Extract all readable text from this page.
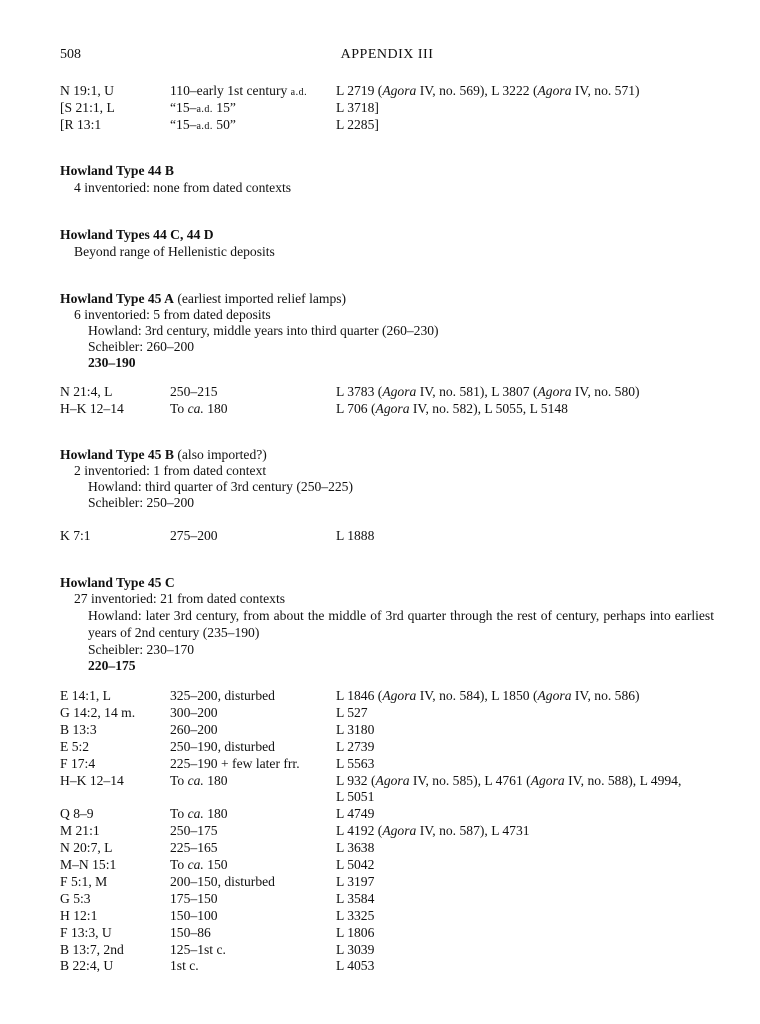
508	APPENDIX III
N 19:1, U	110–early 1st century a.d. L 2719 (Agora IV, no. 569), L 3222 (Agora IV, no. 571)
[S 21:1, L	“15–a.d. 15”	L 3718]
[R 13:1	“15–a.d. 50”	L 2285]
Howland Type 44 B
4 inventoried: none from dated contexts
Howland Types 44 C, 44 D
Beyond range of Hellenistic deposits
Howland Type 45 A (earliest imported relief lamps)
6 inventoried: 5 from dated deposits
Howland: 3rd century, middle years into third quarter (260–230)
Scheibler: 260–200
230–190
N 21:4, L	250–215	L 3783 (Agora IV, no. 581), L 3807 (Agora IV, no. 580)
H–K 12–14	To ca. 180	L 706 (Agora IV, no. 582), L 5055, L 5148
Howland Type 45 B (also imported?)
2 inventoried: 1 from dated context
Howland: third quarter of 3rd century (250–225)
Scheibler: 250–200
K 7:1	275–200	L 1888
Howland Type 45 C
27 inventoried: 21 from dated contexts
Howland: later 3rd century, from about the middle of 3rd quarter through the rest of century, perhaps into earliest years of 2nd century (235–190)
Scheibler: 230–170
220–175
E 14:1, L	325–200, disturbed	L 1846 (Agora IV, no. 584), L 1850 (Agora IV, no. 586)
G 14:2, 14 m.	300–200	L 527
B 13:3	260–200	L 3180
E 5:2	250–190, disturbed	L 2739
F 17:4	225–190 + few later frr.	L 5563
H–K 12–14	To ca. 180	L 932 (Agora IV, no. 585), L 4761 (Agora IV, no. 588), L 4994,
L 5051
Q 8–9	To ca. 180	L 4749
M 21:1	250–175	L 4192 (Agora IV, no. 587), L 4731
N 20:7, L	225–165	L 3638
M–N 15:1	To ca. 150	L 5042
F 5:1, M	200–150, disturbed	L 3197
G 5:3	175–150	L 3584
H 12:1	150–100	L 3325
F 13:3, U	150–86	L 1806
B 13:7, 2nd	125–1st c.	L 3039
B 22:4, U	1st c.	L 4053
